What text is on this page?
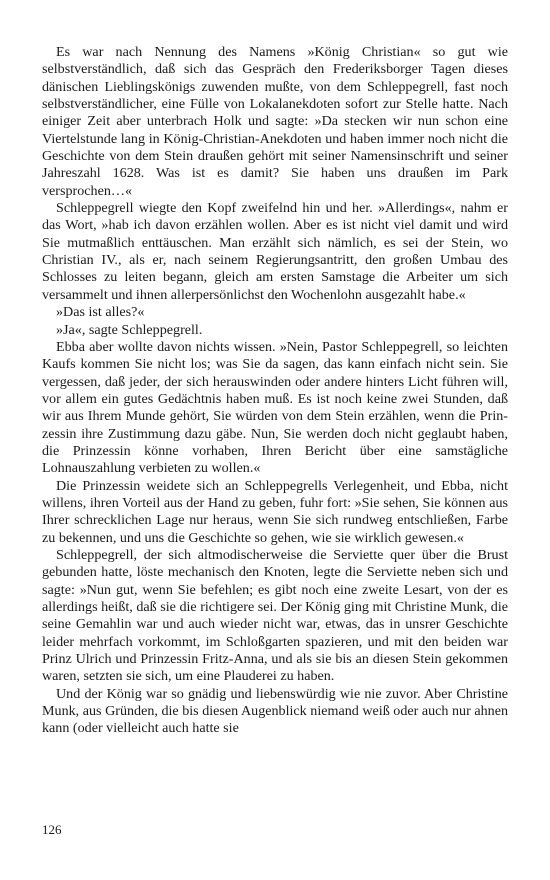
Es war nach Nennung des Namens »König Christian« so gut wie selbstverständlich, daß sich das Gespräch den Frederiksborger Tagen dieses dänischen Lieblingskönigs zuwenden mußte, von dem Schleppegrell, fast noch selbstverständlicher, eine Fülle von Lokalanekdoten sofort zur Stelle hatte. Nach einiger Zeit aber unterbrach Holk und sagte: »Da stecken wir nun schon eine Viertelstunde lang in König-Christian-Anekdoten und haben immer noch nicht die Geschichte von dem Stein draußen gehört mit seiner Namensinschrift und seiner Jahreszahl 1628. Was ist es damit? Sie haben uns draußen im Park versprochen…«

Schleppegrell wiegte den Kopf zweifelnd hin und her. »Allerdings«, nahm er das Wort, »hab ich davon erzählen wollen. Aber es ist nicht viel damit und wird Sie mutmaßlich enttäuschen. Man erzählt sich nämlich, es sei der Stein, wo Christian IV., als er, nach seinem Regierungsantritt, den großen Umbau des Schlosses zu leiten begann, gleich am ersten Samstage die Arbeiter um sich versammelt und ihnen allerpersönlichst den Wochenlohn ausgezahlt habe.«

»Das ist alles?«

»Ja«, sagte Schleppegrell.

Ebba aber wollte davon nichts wissen. »Nein, Pastor Schleppegrell, so leichten Kaufs kommen Sie nicht los; was Sie da sagen, das kann einfach nicht sein. Sie vergessen, daß jeder, der sich herauswinden oder andere hinters Licht führen will, vor allem ein gutes Gedächtnis haben muß. Es ist noch keine zwei Stunden, daß wir aus Ihrem Munde gehört, Sie würden von dem Stein erzählen, wenn die Prinzessin ihre Zustimmung dazu gäbe. Nun, Sie werden doch nicht geglaubt haben, die Prinzessin könne vorhaben, Ihren Bericht über eine samstägliche Lohnauszahlung verbieten zu wollen.«

Die Prinzessin weidete sich an Schleppegrells Verlegenheit, und Ebba, nicht willens, ihren Vorteil aus der Hand zu geben, fuhr fort: »Sie sehen, Sie können aus Ihrer schrecklichen Lage nur heraus, wenn Sie sich rundweg entschließen, Farbe zu bekennen, und uns die Geschichte so gehen, wie sie wirklich gewesen.«

Schleppegrell, der sich altmodischerweise die Serviette quer über die Brust gebunden hatte, löste mechanisch den Knoten, legte die Serviette neben sich und sagte: »Nun gut, wenn Sie befehlen; es gibt noch eine zweite Lesart, von der es allerdings heißt, daß sie die richtigere sei. Der König ging mit Christine Munk, die seine Gemahlin war und auch wieder nicht war, etwas, das in unsrer Geschichte leider mehrfach vorkommt, im Schloßgarten spazieren, und mit den beiden war Prinz Ulrich und Prinzessin Fritz-Anna, und als sie bis an diesen Stein gekommen waren, setzten sie sich, um eine Plauderei zu haben.

Und der König war so gnädig und liebenswürdig wie nie zuvor. Aber Christine Munk, aus Gründen, die bis diesen Augenblick niemand weiß oder auch nur ahnen kann (oder vielleicht auch hatte sie

126
